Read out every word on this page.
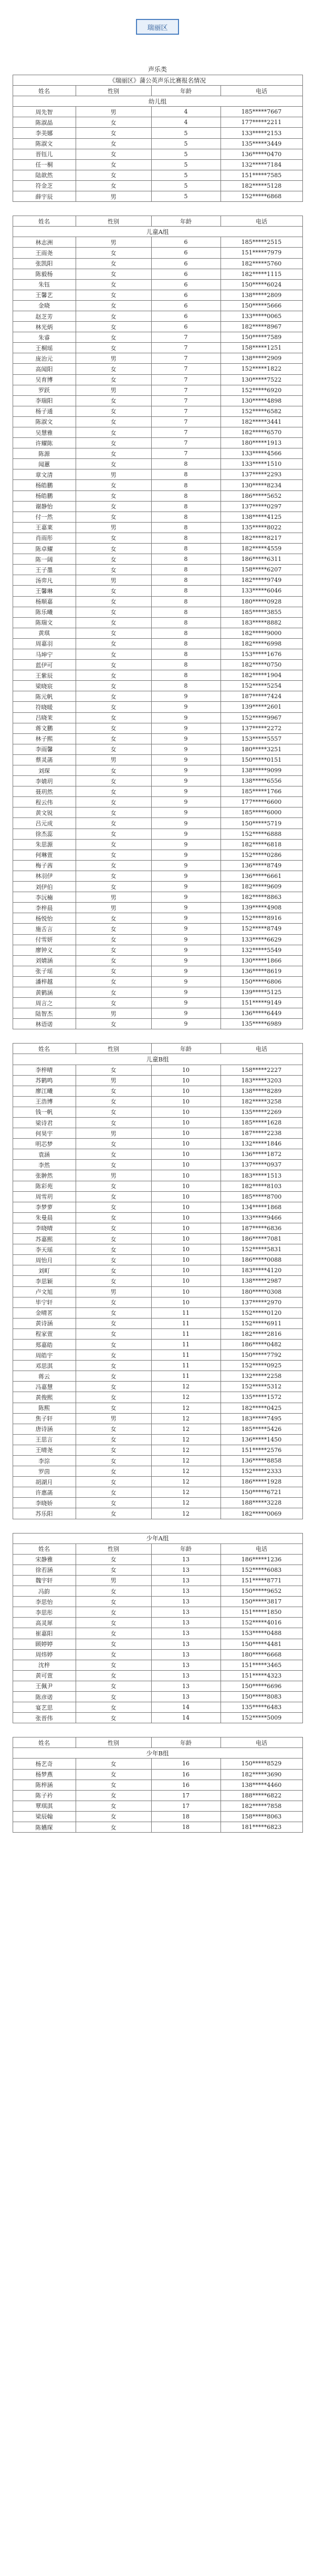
瑞丽区
声乐类
《瑞丽区》蒲公英声乐比赛报名情况			
姓名	性别	年龄	电话
幼儿组			
周先智	男	4	185*****7667
陈淑晶	女	4	177*****2211
李美娜	女	5	133*****2153
陈淑文	女	5	135*****3449
晋钰儿	女	5	136*****0470
任一桐	女	5	132*****7184
陆歆然	女	5	151*****7585
符金芝	女	5	182*****5128
薛宇辰	男	5	152*****6868
姓名	性别	年龄	电话
儿童A组			
林志洲	男	6	185*****2515
王雨尧	女	6	151*****7979
张凯阳	女	6	182*****5760
陈毅杨	女	6	182*****1115
朱钰	女	6	150*****6024
王馨艺	女	6	138*****2809
金晓	女	6	150*****5666
赵芝芳	女	6	133*****0065
林光炳	女	6	182*****8967
朱睿	女	7	150*****7589
王桐瑶	女	7	158*****1251
庞治元	男	7	138*****2909
高闻阳	女	7	152*****1822
吴育博	女	7	130*****7522
罗跃	男	7	152*****6920
李瑞阳	女	7	130*****4898
杨子通	女	7	152*****6582
陈淑文	女	7	182*****3441
吴慧雅	女	7	182*****6570
许耀陈	女	7	180*****1913
陈源	女	7	133*****4566
闻蕙	女	8	133*****1510
章文清	男	8	137*****2293
杨皓鹏	女	8	130*****8234
杨皓鹏	女	8	186*****5652
谢静怡	女	8	137*****0297
付一然	女	8	138*****4125
王嘉莱	男	8	135*****8022
肖雨彤	女	8	182*****8217
陈卓耀	女	8	182*****4559
陈一阔	女	8	186*****6311
王子墨	女	8	158*****6207
汤弈凡	男	8	182*****9749
王馨琳	女	8	133*****6046
杨顺嘉	女	8	180*****0928
陈乐曦	女	8	185*****3855
陈瑞文	女	8	183*****8882
黄琪	女	8	182*****9000
周嘉羽	女	8	182*****6998
马坤宁	女	8	153*****1676
蓝伊可	女	8	182*****0750
王紫辰	女	8	182*****1904
梁晓宸	女	8	152*****5254
陈元帆	女	9	187*****7424
符晓暖	女	9	139*****2601
吕晓茉	女	9	152*****9967
蒋文鹏	女	9	137*****2272
林子熙	女	9	153*****5557
李雨馨	女	9	180*****3251
蔡灵菡	男	9	150*****0151
刘琛	女	9	138*****9099
李婧玥	女	9	138*****6556
聂玥然	女	9	185*****1766
程云伟	女	9	177*****6600
黄文锐	女	9	185*****6000
吕元成	女	9	150*****5719
徐杰蕊	女	9	152*****6888
朱思源	女	9	182*****6818
何琳萱	女	9	152*****0286
梅子茜	女	9	136*****8749
林羽伊	女	9	136*****6661
刘伊伯	女	9	182*****9609
李沅楠	男	9	182*****8863
李梓晨	男	9	139*****4908
杨悦怡	女	9	152*****8916
施舌言	女	9	152*****8749
付雪妍	女	9	133*****6629
廖钟义	女	9	132*****5549
刘婧涵	女	9	130*****1866
张子瑶	女	9	136*****8619
潘梓越	女	9	150*****6806
黄鹤涵	女	9	139*****5125
周言之	女	9	151*****9149
陆智杰	男	9	136*****6449
林语诺	女	9	135*****6989
姓名	性别	年龄	电话
儿童B组			
李梓晴	女	10	158*****2227
苏鹤鸣	男	10	183*****3203
廖江曦	女	10	138*****8289
王浩博	女	10	182*****3258
钱一帆	女	10	135*****2269
梁诗君	女	10	185*****1628
何昊宇	男	10	187*****2238
明芯梦	女	10	132*****1846
袁涵	女	10	136*****1872
李然	女	10	137*****0937
张翀然	男	10	183*****1513
陈彩苑	女	10	182*****8103
周雪玥	女	10	185*****8700
李梦萝	女	10	134*****1868
朱曼晨	女	10	133*****9466
李晓晴	女	10	187*****6836
苏嘉熙	女	10	186*****7081
李天瑶	女	10	152*****5831
周怡月	女	10	186*****0088
刘町	女	10	183*****4120
李思颖	女	10	138*****2987
卢文旭	男	10	180*****0308
毕宁轩	女	10	137*****2970
金晴茗	女	11	152*****0120
黄诗涵	女	11	152*****6911
程家萱	女	11	182*****2816
郑嘉皓	女	11	186*****0482
周皓宇	女	11	150*****7792
邓思淇	女	11	152*****0925
蒋云	女	11	132*****2258
冯嘉慧	女	12	152*****5312
黄俊熙	女	12	135*****1572
陈熙	女	12	182*****0425
焦子轩	男	12	183*****7495
唐诗涵	女	12	185*****5426
王思言	女	12	136*****1450
王晴尧	女	12	151*****2576
李淙	女	12	136*****8858
罗茵	女	12	152*****2333
胡湖月	女	12	186*****1928
许惠菡	女	12	150*****6721
李晓娇	女	12	188*****3228
苏乐阳	女	12	182*****0069
少年A组			
姓名	性别	年龄	电话
宋静雅	女	13	186*****1236
徐若涵	女	13	152*****6083
魏宇轩	男	13	151*****8771
冯韵	女	13	150*****9652
李思怡	女	13	150*****3817
李思彤	女	13	151*****1850
高灵犀	女	13	152*****4016
崔嘉阳	女	13	153*****0488
顾婷婷	女	13	150*****4481
周炜婷	女	13	180*****6668
沈梓	女	13	151*****3465
黄可萱	女	13	151*****4323
王佩尹	女	13	150*****6696
陈彦诺	女	13	150*****8083
宴艺思	女	14	135*****6483
张晋伟	女	14	152*****5009
姓名	性别	年龄	电话
少年B组			
杨艺奇	女	16	150*****8529
杨梦燕	女	16	182*****3690
陈梓涵	女	16	138*****4460
陈子衿	女	17	188*****6822
覃琪淇	女	17	182*****7858
梁辰翰	女	18	158*****8063
陈嬿琛	女	18	181*****6823
